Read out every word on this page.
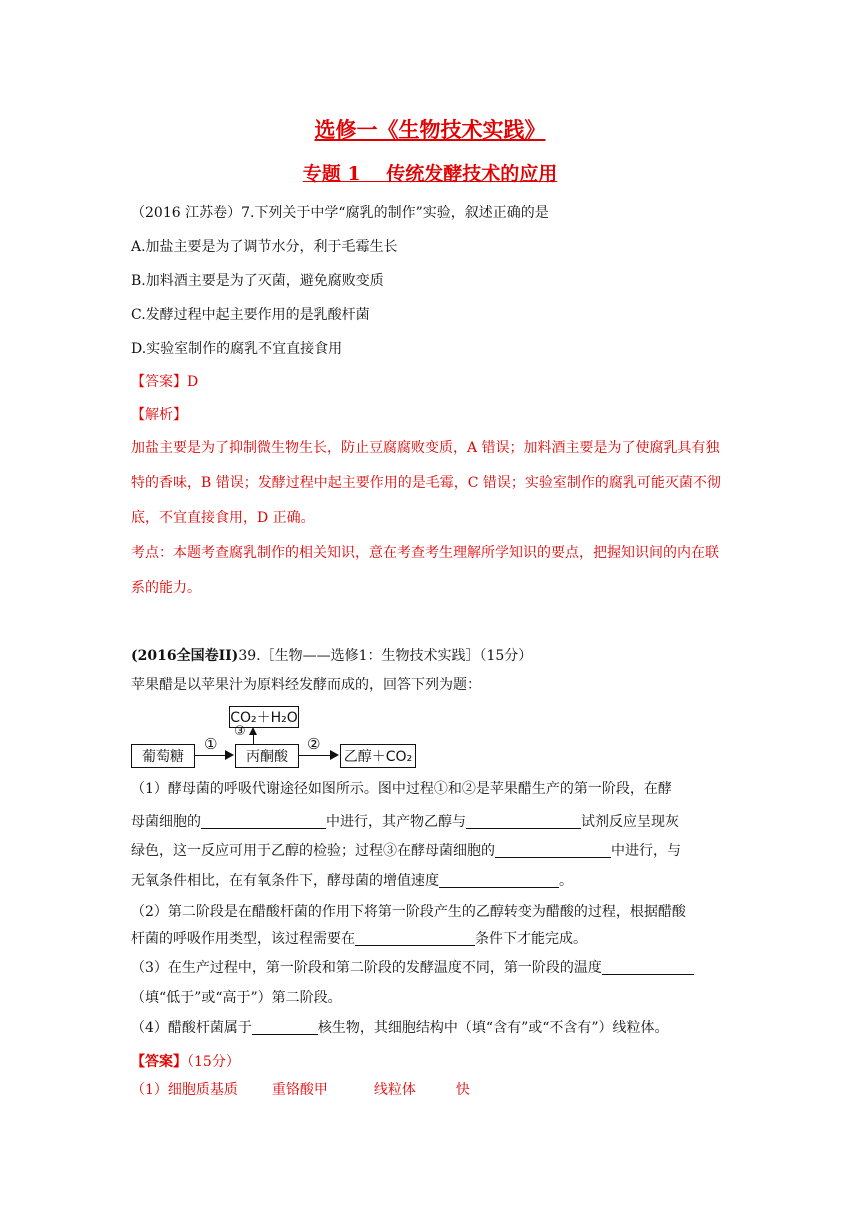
选修一《生物技术实践》
专题 1　 传统发酵技术的应用
（2016 江苏卷）7.下列关于中学“腐乳的制作”实验，叙述正确的是
A.加盐主要是为了调节水分，利于毛霉生长
B.加料酒主要是为了灭菌，避免腐败变质
C.发酵过程中起主要作用的是乳酸杆菌
D.实验室制作的腐乳不宜直接食用
【答案】D
【解析】
加盐主要是为了抑制微生物生长，防止豆腐腐败变质，A 错误；加料酒主要是为了使腐乳具有独特的香味，B 错误；发酵过程中起主要作用的是毛霉，C 错误；实验室制作的腐乳可能灭菌不彻底，不宜直接食用，D 正确。
考点：本题考查腐乳制作的相关知识，意在考查考生理解所学知识的要点，把握知识间的内在联系的能力。
(2016全国卷II)39.［生物——选修1：生物技术实践］（15分）
苹果醋是以苹果汁为原料经发酵而成的，回答下列为题：
葡萄糖
①
丙酮酸
②
乙醇＋CO₂
CO₂＋H₂O
③
（1）酵母菌的呼吸代谢途径如图所示。图中过程①和②是苹果醋生产的第一阶段，在酵
母菌细胞的	中进行，其产物乙醇与	试剂反应呈现灰
绿色，这一反应可用于乙醇的检验；过程③在酵母菌细胞的	中进行，与
无氧条件相比，在有氧条件下，酵母菌的增值速度	。
（2）第二阶段是在醋酸杆菌的作用下将第一阶段产生的乙醇转变为醋酸的过程，根据醋酸
杆菌的呼吸作用类型，该过程需要在	条件下才能完成。
（3）在生产过程中，第一阶段和第二阶段的发酵温度不同，第一阶段的温度
（填“低于”或“高于”）第二阶段。
（4）醋酸杆菌属于	核生物，其细胞结构中（填“含有”或“不含有”）线粒体。
【答案】（15分）
（1）细胞质基质 重铬酸甲	线粒体	快
